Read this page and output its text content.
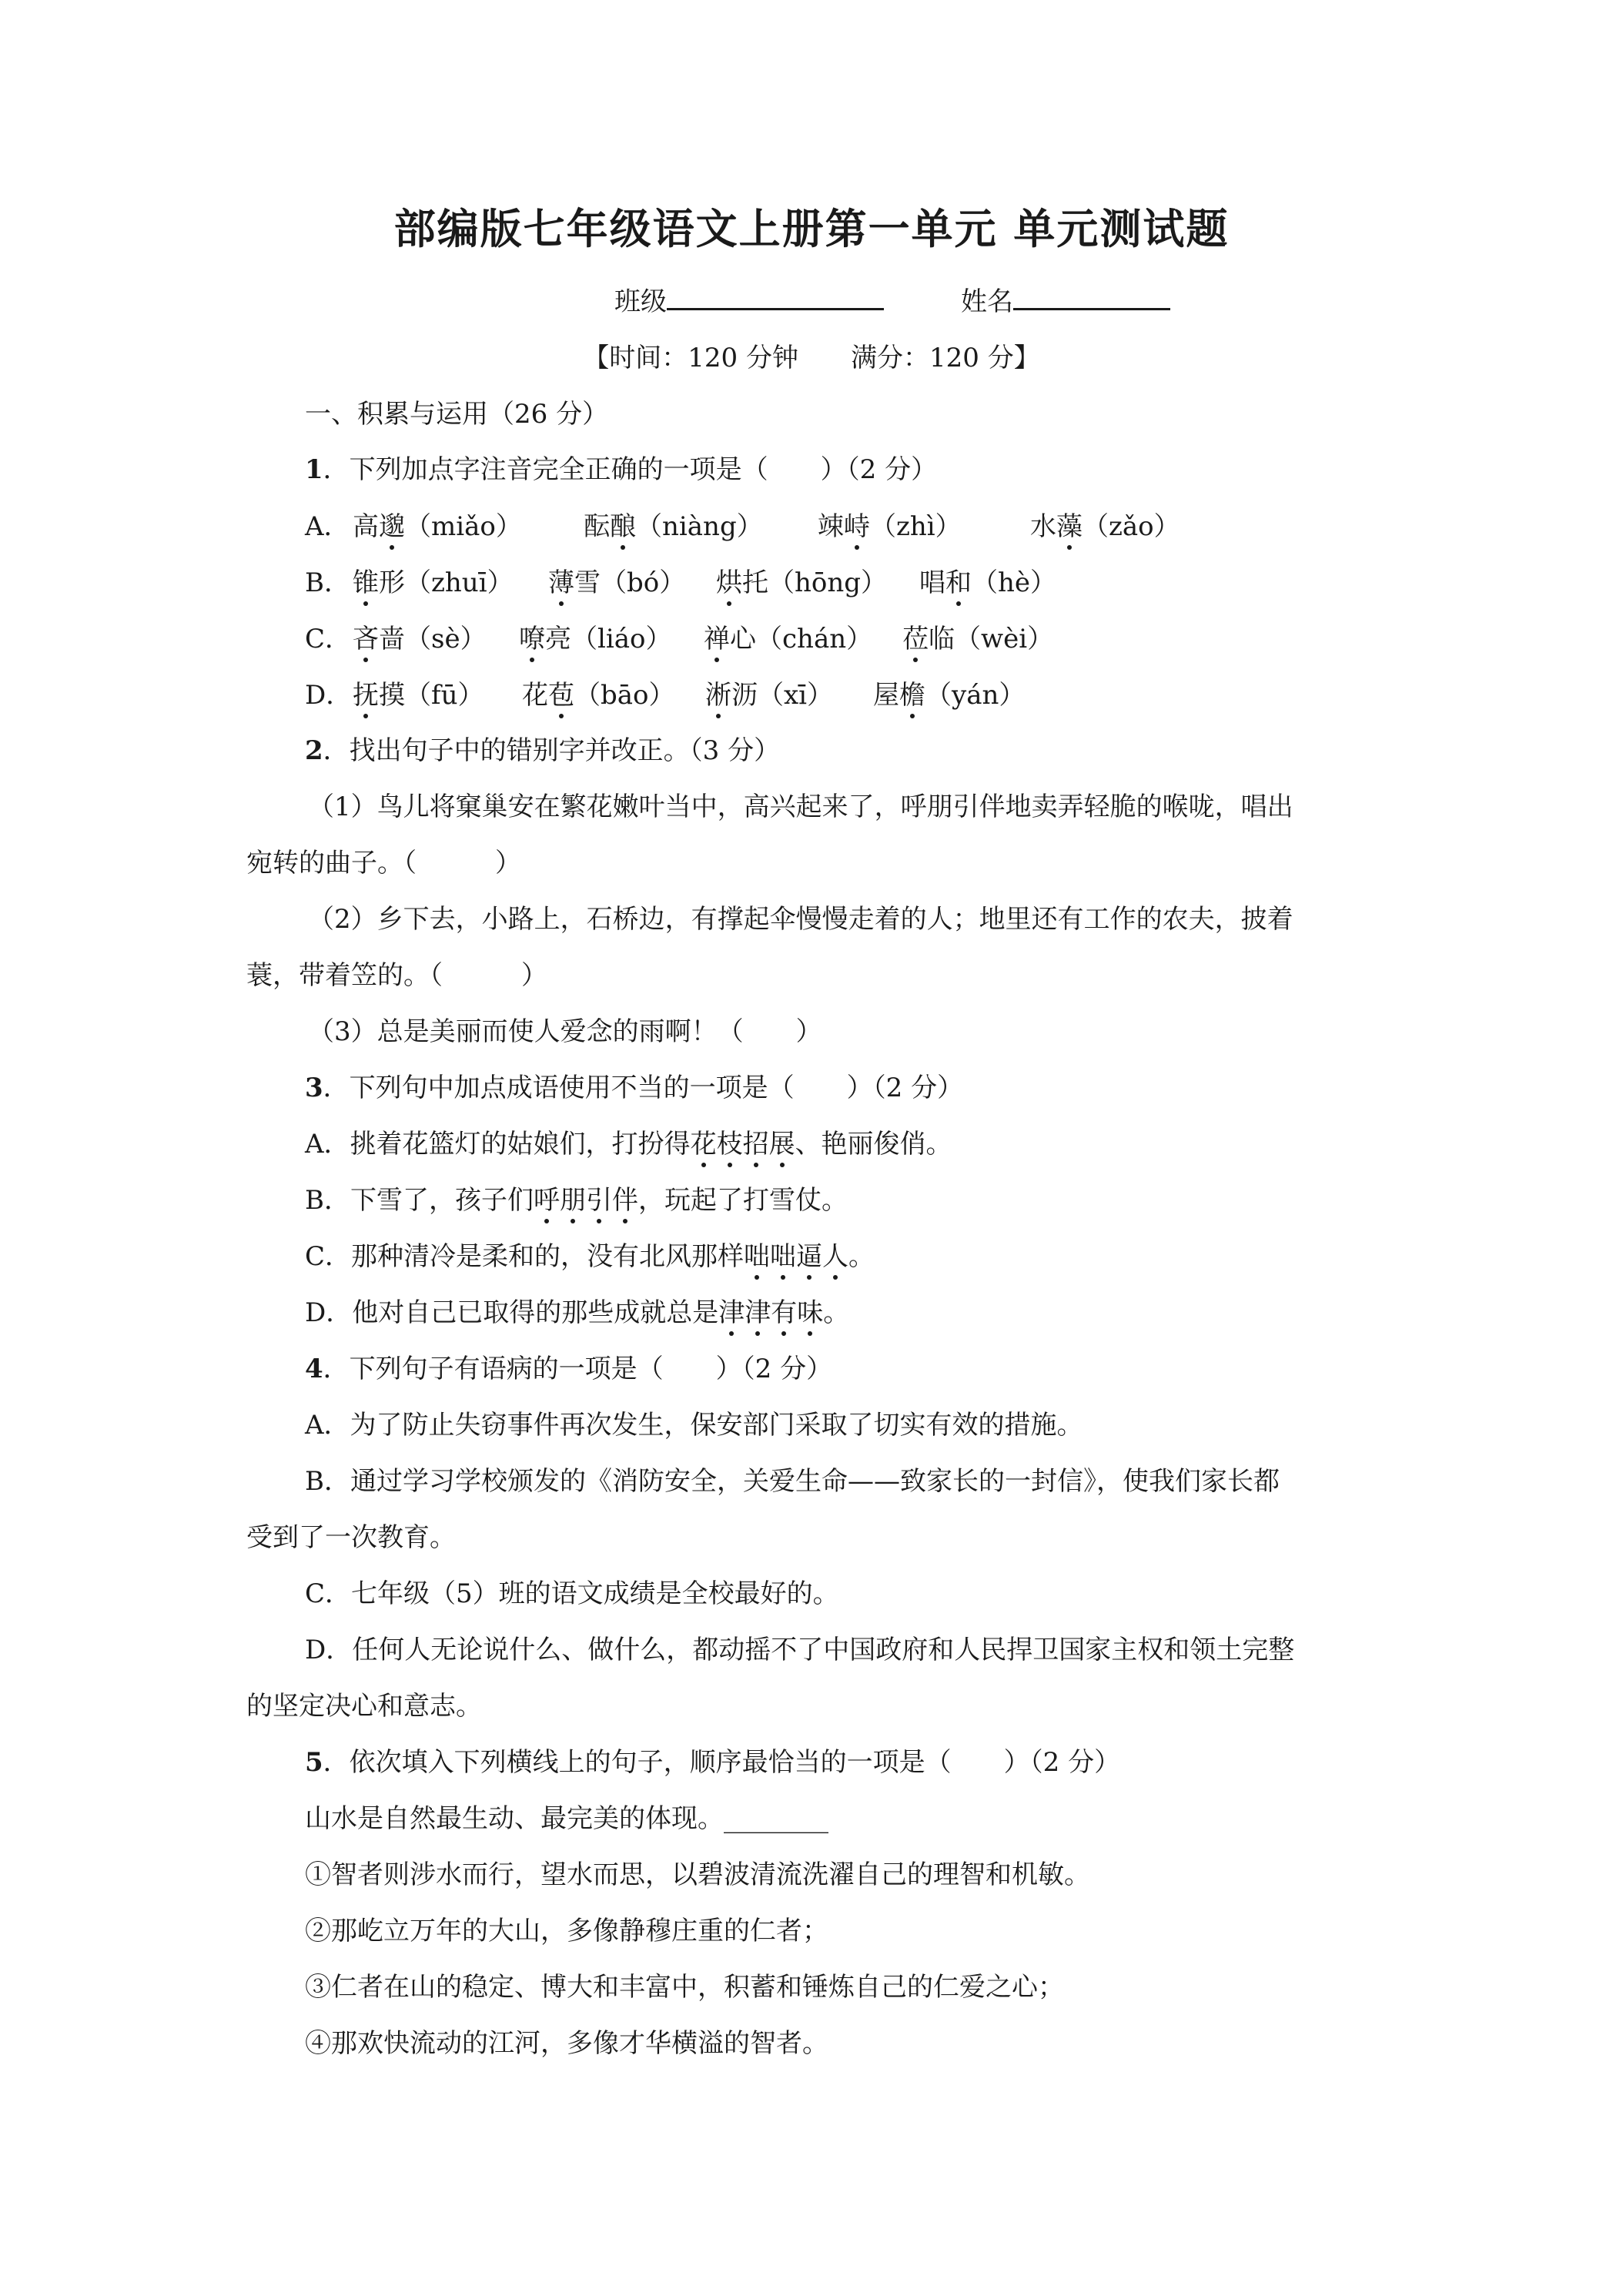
部编版七年级语文上册第一单元 单元测试题
班级	姓名
【时间：120 分钟　　满分：120 分】
一、积累与运用（26 分）
1．下列加点字注音完全正确的一项是（　　）（2 分）
A． 高邈（miǎo） 酝酿（niàng） 竦峙（zhì）	水藻（zǎo）
B． 锥形（zhuī） 薄雪（bó） 烘托（hōng） 唱和（hè）
C． 吝啬（sè） 嘹亮（liáo） 禅心（chán） 莅临（wèi）
D． 抚摸（fū） 花苞（bāo） 淅沥（xī） 屋檐（yán）
2．找出句子中的错别字并改正。（3 分）
（1）鸟儿将窠巢安在繁花嫩叶当中，高兴起来了，呼朋引伴地卖弄轻脆的喉咙，唱出
宛转的曲子。（　　　）
（2）乡下去，小路上，石桥边，有撑起伞慢慢走着的人；地里还有工作的农夫，披着
蓑，带着笠的。（　　　）
（3）总是美丽而使人爱念的雨啊！（　　）
3．下列句中加点成语使用不当的一项是（　　）（2 分）
A．挑着花篮灯的姑娘们，打扮得花枝招展、艳丽俊俏。
B．下雪了，孩子们呼朋引伴，玩起了打雪仗。
C．那种清冷是柔和的，没有北风那样咄咄逼人。
D．他对自己已取得的那些成就总是津津有味。
4．下列句子有语病的一项是（　　）（2 分）
A．为了防止失窃事件再次发生，保安部门采取了切实有效的措施。
B．通过学习学校颁发的《消防安全，关爱生命——致家长的一封信》，使我们家长都
受到了一次教育。
C．七年级（5）班的语文成绩是全校最好的。
D．任何人无论说什么、做什么，都动摇不了中国政府和人民捍卫国家主权和领土完整
的坚定决心和意志。
5．依次填入下列横线上的句子，顺序最恰当的一项是（　　）（2 分）
山水是自然最生动、最完美的体现。________
①智者则涉水而行，望水而思，以碧波清流洗濯自己的理智和机敏。
②那屹立万年的大山，多像静穆庄重的仁者；
③仁者在山的稳定、博大和丰富中，积蓄和锤炼自己的仁爱之心；
④那欢快流动的江河，多像才华横溢的智者。
